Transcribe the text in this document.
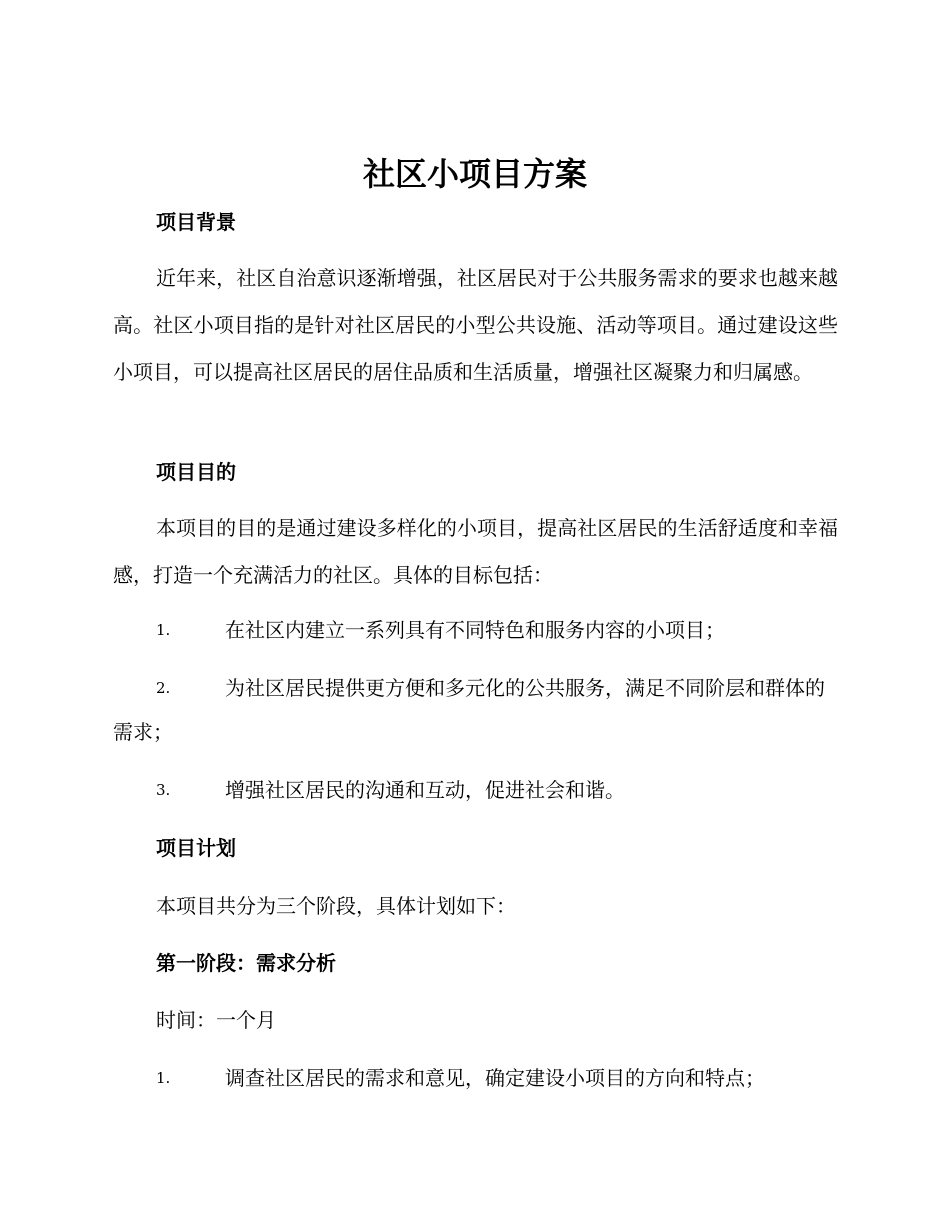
社区小项目方案
项目背景

近年来，社区自治意识逐渐增强，社区居民对于公共服务需求的要求也越来越高。社区小项目指的是针对社区居民的小型公共设施、活动等项目。通过建设这些小项目，可以提高社区居民的居住品质和生活质量，增强社区凝聚力和归属感。

项目目的

本项目的目的是通过建设多样化的小项目，提高社区居民的生活舒适度和幸福感，打造一个充满活力的社区。具体的目标包括：

1.	在社区内建立一系列具有不同特色和服务内容的小项目；
2.	为社区居民提供更方便和多元化的公共服务，满足不同阶层和群体的需求；
3.	增强社区居民的沟通和互动，促进社会和谐。
项目计划

本项目共分为三个阶段，具体计划如下：

第一阶段：需求分析

时间：一个月

1.	调查社区居民的需求和意见，确定建设小项目的方向和特点；
